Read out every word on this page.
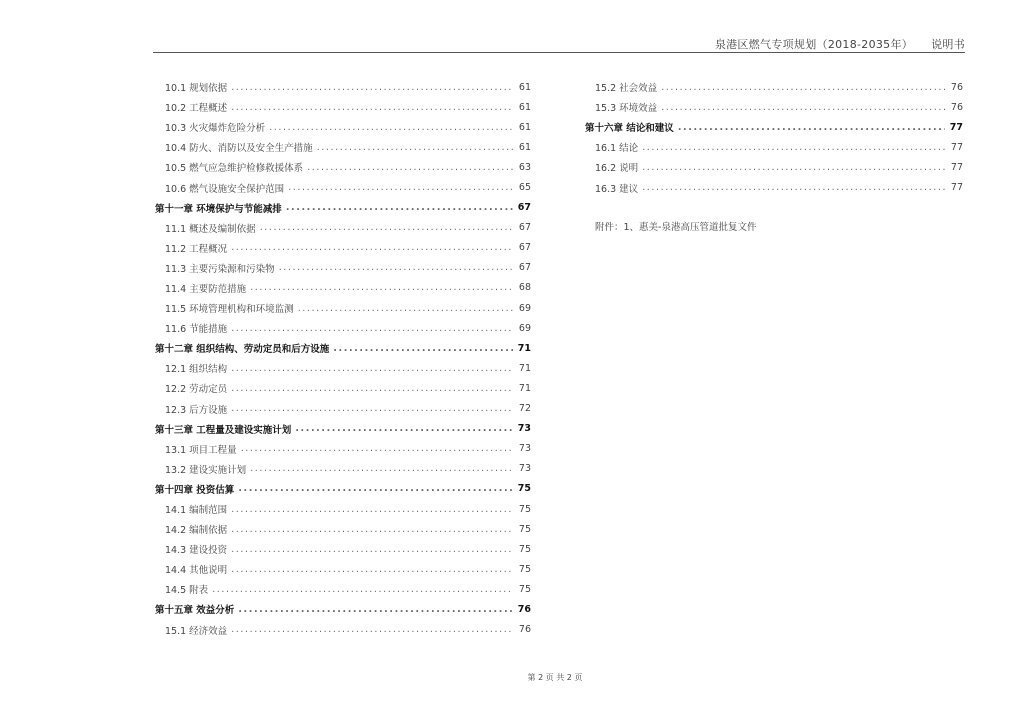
泉港区燃气专项规划（2018-2035年） 说明书
10.1 规划依据 .....	61
10.2 工程概述 .....	61
10.3 火灾爆炸危险分析 .....	61
10.4 防火、消防以及安全生产措施 .....	61
10.5 燃气应急维护检修救援体系 .....	63
10.6 燃气设施安全保护范围 .....	65
第十一章 环境保护与节能减排 .....	67
11.1 概述及编制依据 .....	67
11.2 工程概况 .....	67
11.3 主要污染源和污染物 .....	67
11.4 主要防范措施 .....	68
11.5 环境管理机构和环境监测 .....	69
11.6 节能措施 .....	69
第十二章 组织结构、劳动定员和后方设施 .....	71
12.1 组织结构 .....	71
12.2 劳动定员 .....	71
12.3 后方设施 .....	72
第十三章 工程量及建设实施计划 .....	73
13.1 项目工程量 .....	73
13.2 建设实施计划 .....	73
第十四章 投资估算 .....	75
14.1 编制范围 .....	75
14.2 编制依据 .....	75
14.3 建设投资 .....	75
14.4 其他说明 .....	75
14.5 附表 .....	75
第十五章 效益分析 .....	76
15.1 经济效益 .....	76
15.2 社会效益 .....	76
15.3 环境效益 .....	76
第十六章 结论和建议 .....	77
16.1 结论 .....	77
16.2 说明 .....	77
16.3 建议 .....	77
附件：1、惠美-泉港高压管道批复文件
第 2 页 共 2 页
